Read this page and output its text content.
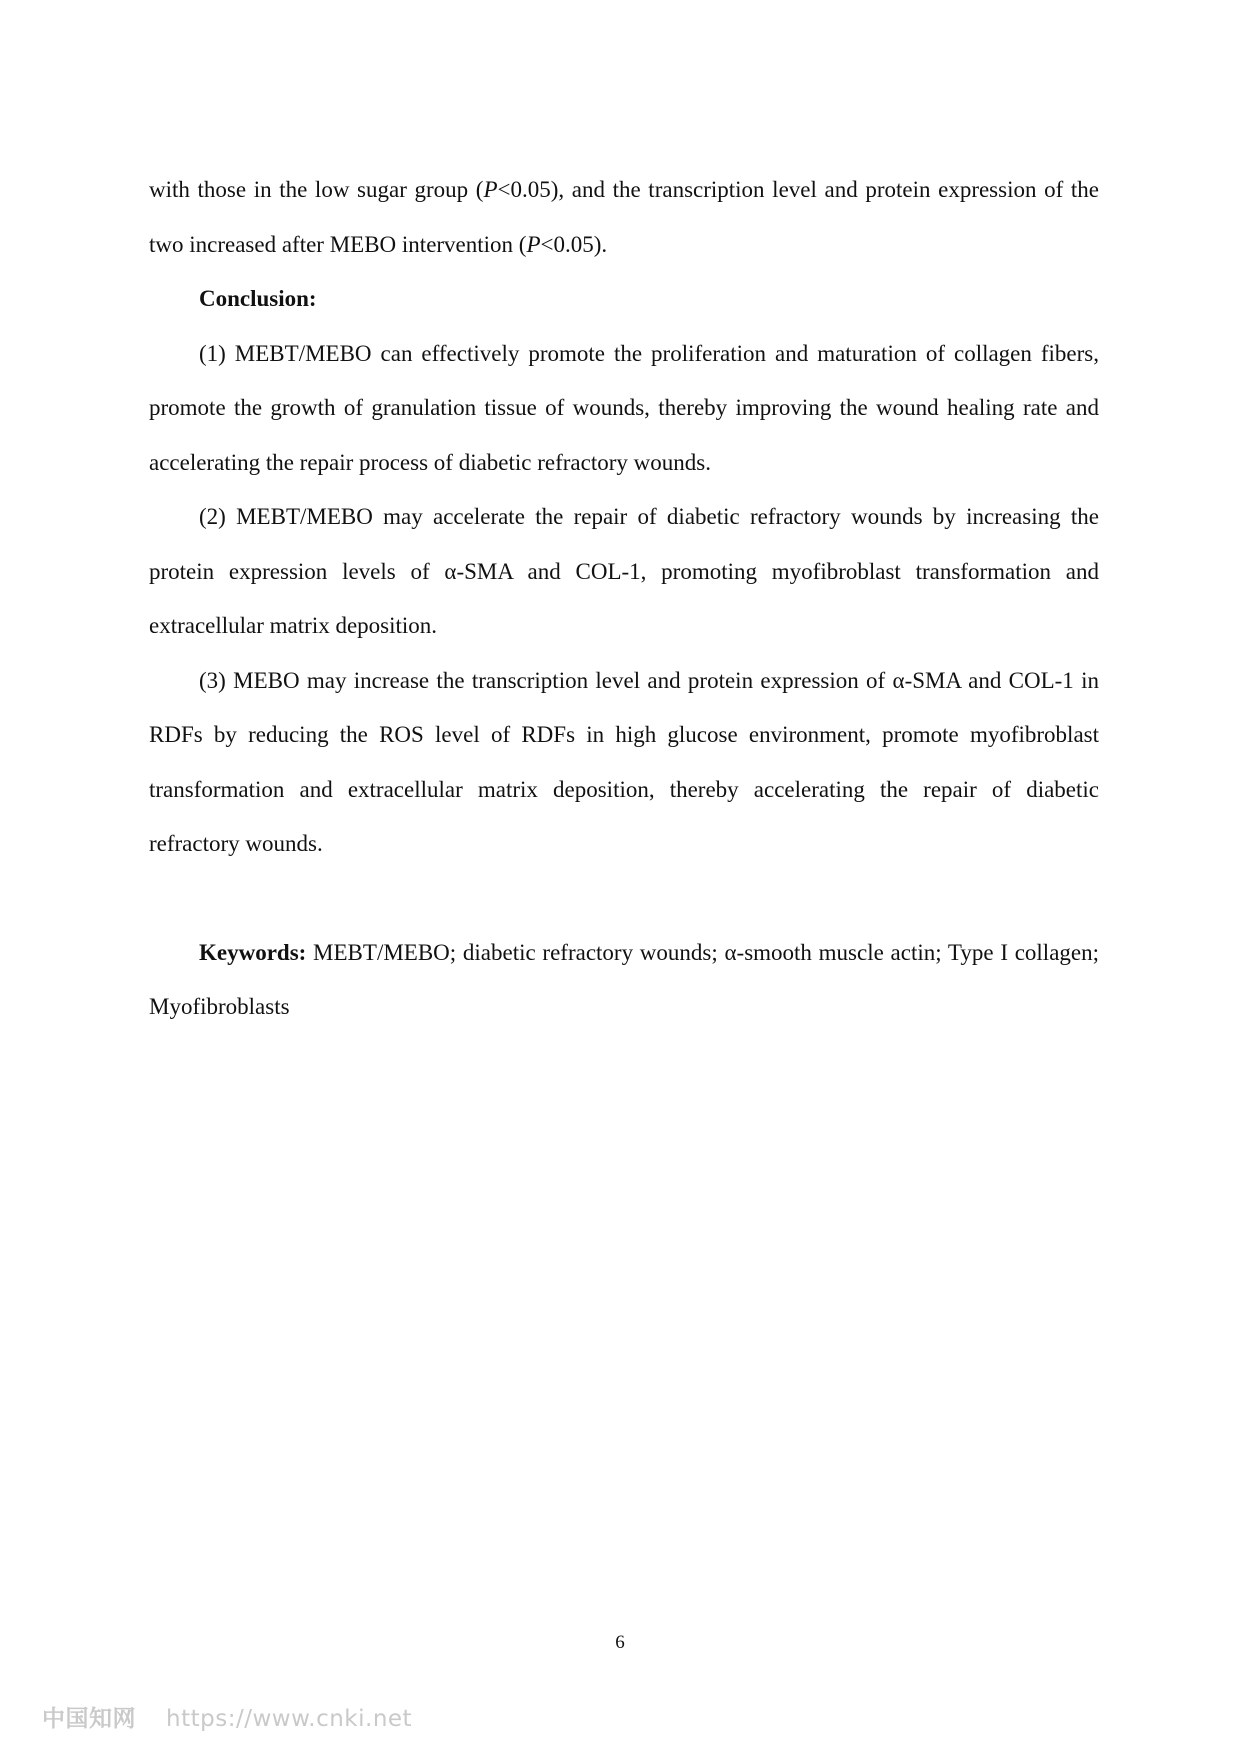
with those in the low sugar group (P<0.05), and the transcription level and protein expression of the two increased after MEBO intervention (P<0.05).

Conclusion:

(1) MEBT/MEBO can effectively promote the proliferation and maturation of collagen fibers, promote the growth of granulation tissue of wounds, thereby improving the wound healing rate and accelerating the repair process of diabetic refractory wounds.

(2) MEBT/MEBO may accelerate the repair of diabetic refractory wounds by increasing the protein expression levels of α-SMA and COL-1, promoting myofibroblast transformation and extracellular matrix deposition.

(3) MEBO may increase the transcription level and protein expression of α-SMA and COL-1 in RDFs by reducing the ROS level of RDFs in high glucose environment, promote myofibroblast transformation and extracellular matrix deposition, thereby accelerating the repair of diabetic refractory wounds.

Keywords: MEBT/MEBO; diabetic refractory wounds; α-smooth muscle actin; Type I collagen; Myofibroblasts

6
中国知网 https://www.cnki.net
